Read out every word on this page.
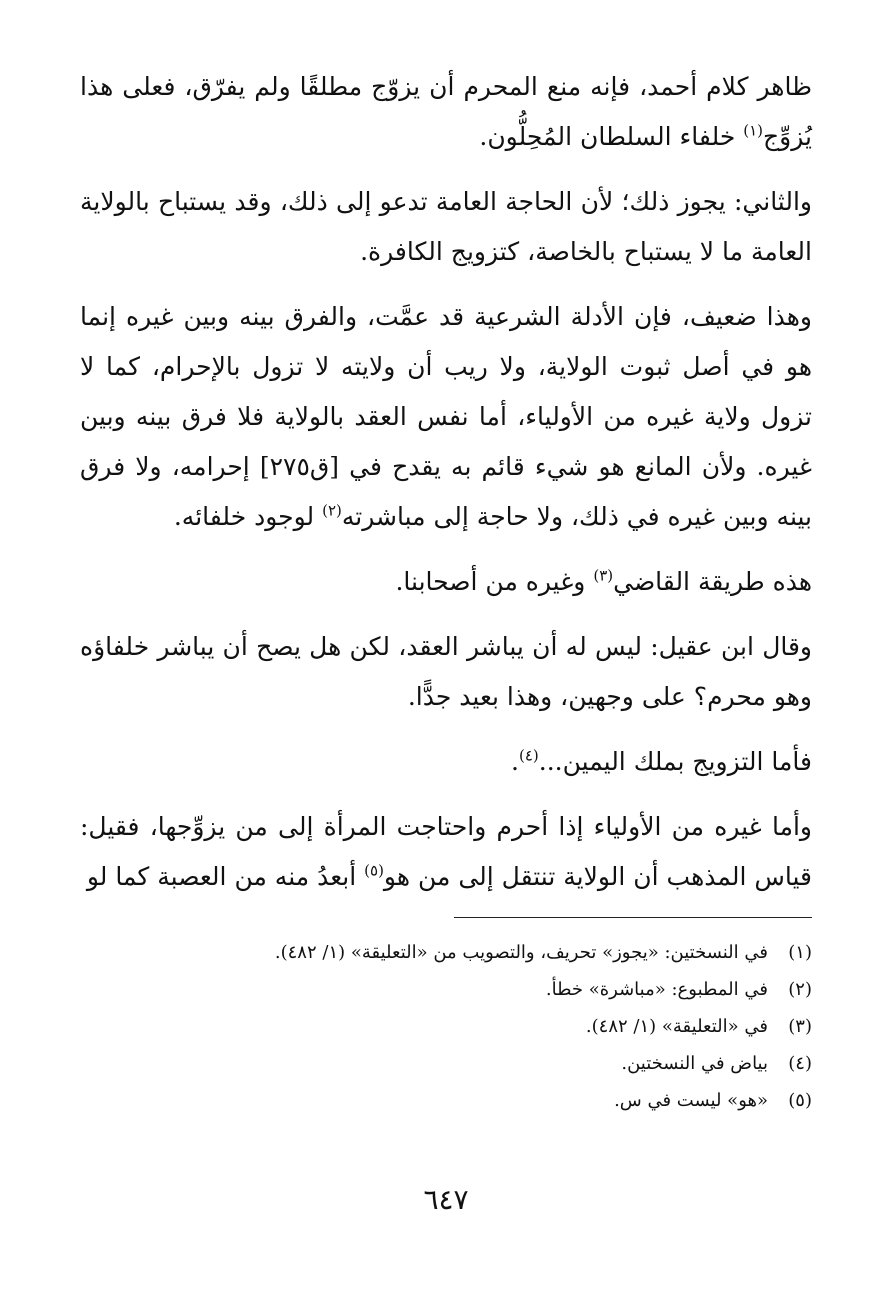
ظاهر كلام أحمد، فإنه منع المحرم أن يزوّج مطلقًا ولم يفرّق، فعلى هذا يُزوِّج$^{(١)}$ خلفاء السلطان المُحِلُّون.

والثاني: يجوز ذلك؛ لأن الحاجة العامة تدعو إلى ذلك، وقد يستباح بالولاية العامة ما لا يستباح بالخاصة، كتزويج الكافرة.

وهذا ضعيف، فإن الأدلة الشرعية قد عمَّت، والفرق بينه وبين غيره إنما هو في أصل ثبوت الولاية، ولا ريب أن ولايته لا تزول بالإحرام، كما لا تزول ولاية غيره من الأولياء، أما نفس العقد بالولاية فلا فرق بينه وبين غيره. ولأن المانع هو شيء قائم به يقدح في [ق٢٧٥] إحرامه، ولا فرق بينه وبين غيره في ذلك، ولا حاجة إلى مباشرته$^{(٢)}$ لوجود خلفائه.

هذه طريقة القاضي$^{(٣)}$ وغيره من أصحابنا.

وقال ابن عقيل: ليس له أن يباشر العقد، لكن هل يصح أن يباشر خلفاؤه وهو محرم؟ على وجهين، وهذا بعيد جدًّا.

فأما التزويج بملك اليمين...$^{(٤)}$.

وأما غيره من الأولياء إذا أحرم واحتاجت المرأة إلى من يزوِّجها، فقيل: قياس المذهب أن الولاية تنتقل إلى من هو$^{(٥)}$ أبعدُ منه من العصبة كما لو

(١)
في النسختين: «يجوز» تحريف، والتصويب من «التعليقة» (١/ ٤٨٢).
(٢)
في المطبوع: «مباشرة» خطأ.
(٣)
في «التعليقة» (١/ ٤٨٢).
(٤)
بياض في النسختين.
(٥)
«هو» ليست في س.
٦٤٧
